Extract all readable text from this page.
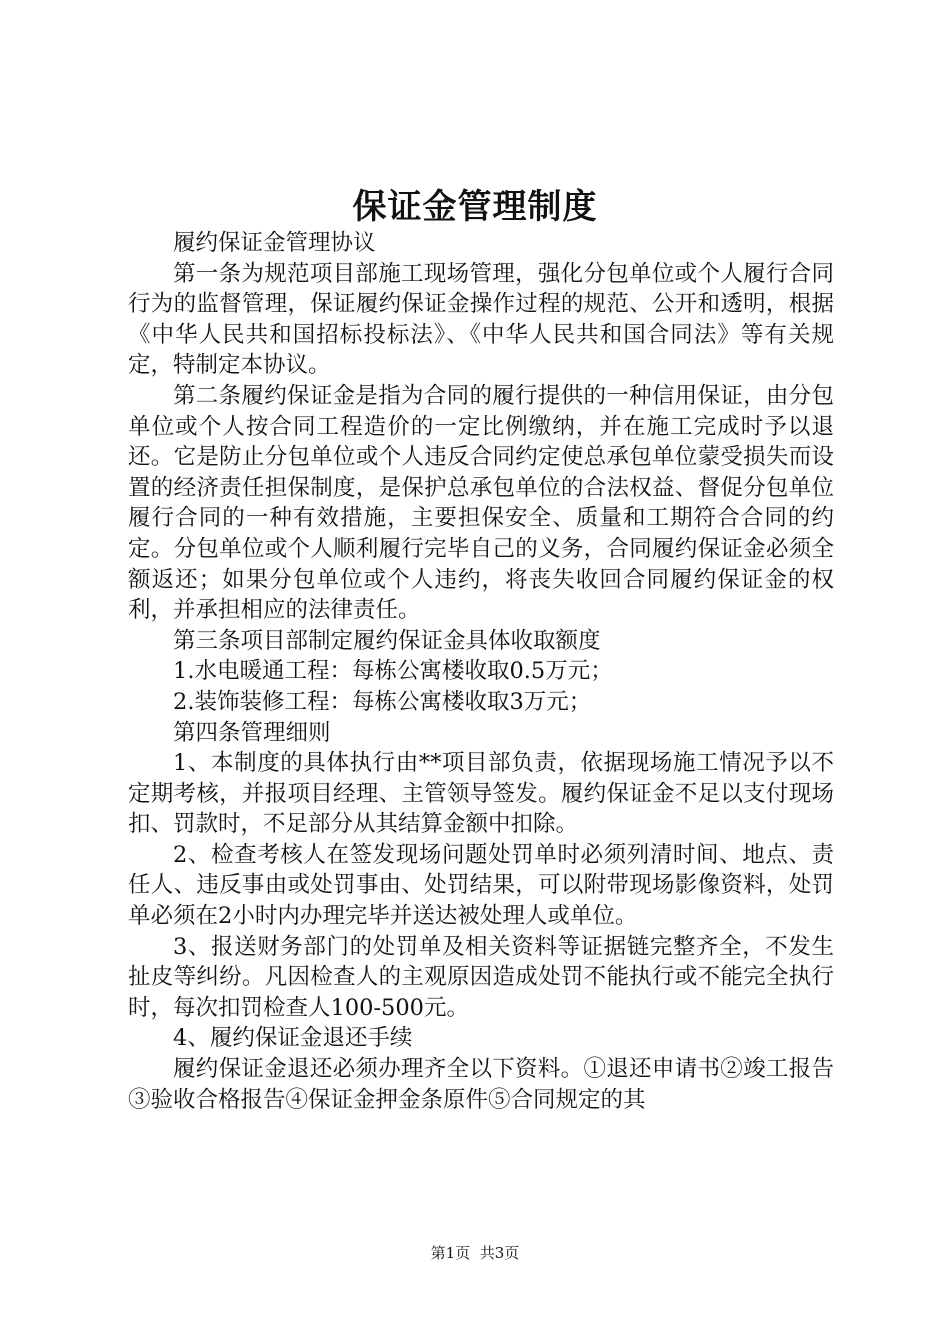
保证金管理制度

履约保证金管理协议

第一条为规范项目部施工现场管理，强化分包单位或个人履行合同行为的监督管理，保证履约保证金操作过程的规范、公开和透明，根据《中华人民共和国招标投标法》、《中华人民共和国合同法》等有关规定，特制定本协议。

第二条履约保证金是指为合同的履行提供的一种信用保证，由分包单位或个人按合同工程造价的一定比例缴纳，并在施工完成时予以退还。它是防止分包单位或个人违反合同约定使总承包单位蒙受损失而设置的经济责任担保制度，是保护总承包单位的合法权益、督促分包单位履行合同的一种有效措施，主要担保安全、质量和工期符合合同的约定。分包单位或个人顺利履行完毕自己的义务，合同履约保证金必须全额返还；如果分包单位或个人违约，将丧失收回合同履约保证金的权利，并承担相应的法律责任。

第三条项目部制定履约保证金具体收取额度

1.水电暖通工程：每栋公寓楼收取0.5万元；

2.装饰装修工程：每栋公寓楼收取3万元；

第四条管理细则

1、本制度的具体执行由**项目部负责，依据现场施工情况予以不定期考核，并报项目经理、主管领导签发。履约保证金不足以支付现场扣、罚款时，不足部分从其结算金额中扣除。

2、检查考核人在签发现场问题处罚单时必须列清时间、地点、责任人、违反事由或处罚事由、处罚结果，可以附带现场影像资料，处罚单必须在2小时内办理完毕并送达被处理人或单位。

3、报送财务部门的处罚单及相关资料等证据链完整齐全，不发生扯皮等纠纷。凡因检查人的主观原因造成处罚不能执行或不能完全执行时，每次扣罚检查人100-500元。

4、履约保证金退还手续

履约保证金退还必须办理齐全以下资料。①退还申请书②竣工报告③验收合格报告④保证金押金条原件⑤合同规定的其

第1页 共3页
